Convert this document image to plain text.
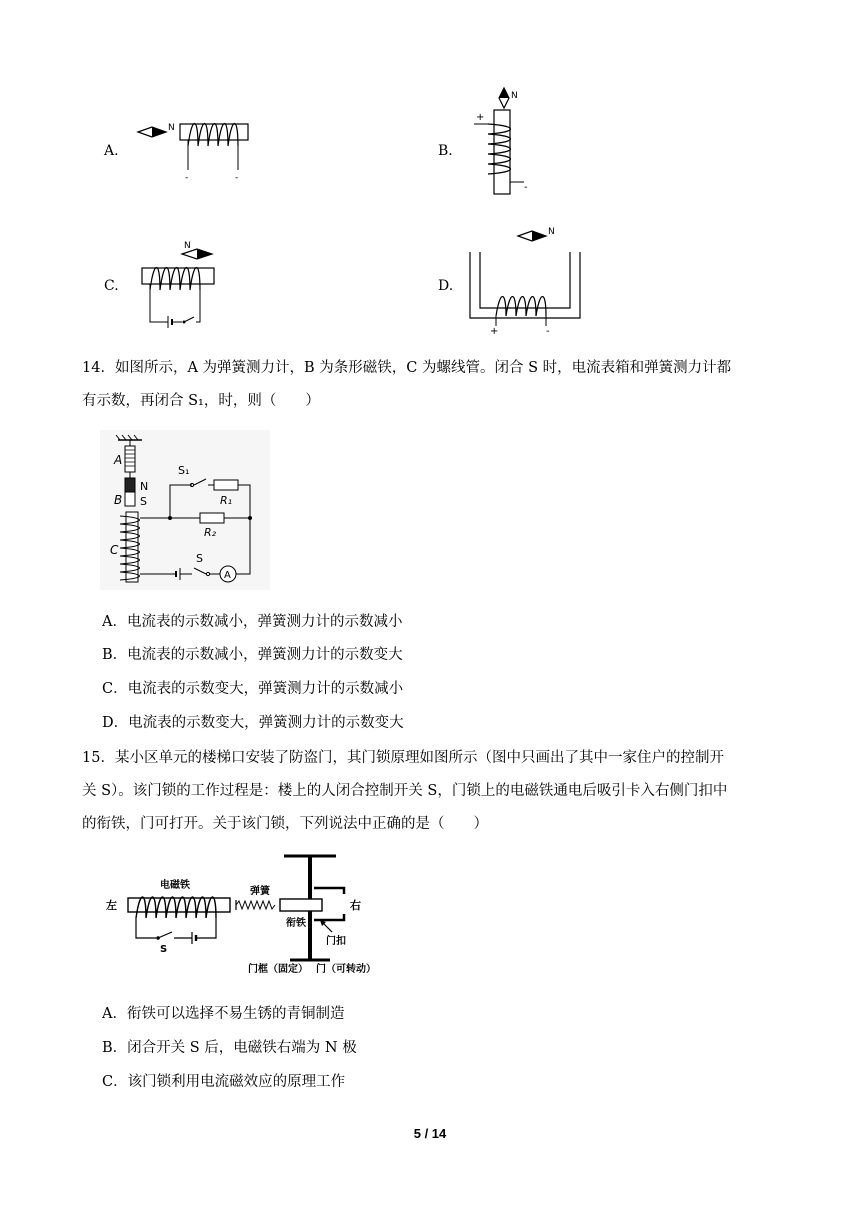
A.
N
-	-
B.
N
+
-
C.
N
D.
N
+	-
14．如图所示，A 为弹簧测力计，B 为条形磁铁，C 为螺线管。闭合 S 时，电流表箱和弹簧测力计都
有示数，再闭合 S₁，时，则（　　）
A
N
S
B
C
S₁
R₁
R₂
A
S
A．电流表的示数减小，弹簧测力计的示数减小
B．电流表的示数减小，弹簧测力计的示数变大
C．电流表的示数变大，弹簧测力计的示数减小
D．电流表的示数变大，弹簧测力计的示数变大
15．某小区单元的楼梯口安装了防盗门，其门锁原理如图所示（图中只画出了其中一家住户的控制开
关 S）。该门锁的工作过程是：楼上的人闭合控制开关 S，门锁上的电磁铁通电后吸引卡入右侧门扣中
的衔铁，门可打开。关于该门锁，下列说法中正确的是（　　）
左
电磁铁
S
弹簧
衔铁
右
门扣
门框（固定） 门（可转动）
A．衔铁可以选择不易生锈的青铜制造
B．闭合开关 S 后，电磁铁右端为 N 极
C．该门锁利用电流磁效应的原理工作
5 / 14
